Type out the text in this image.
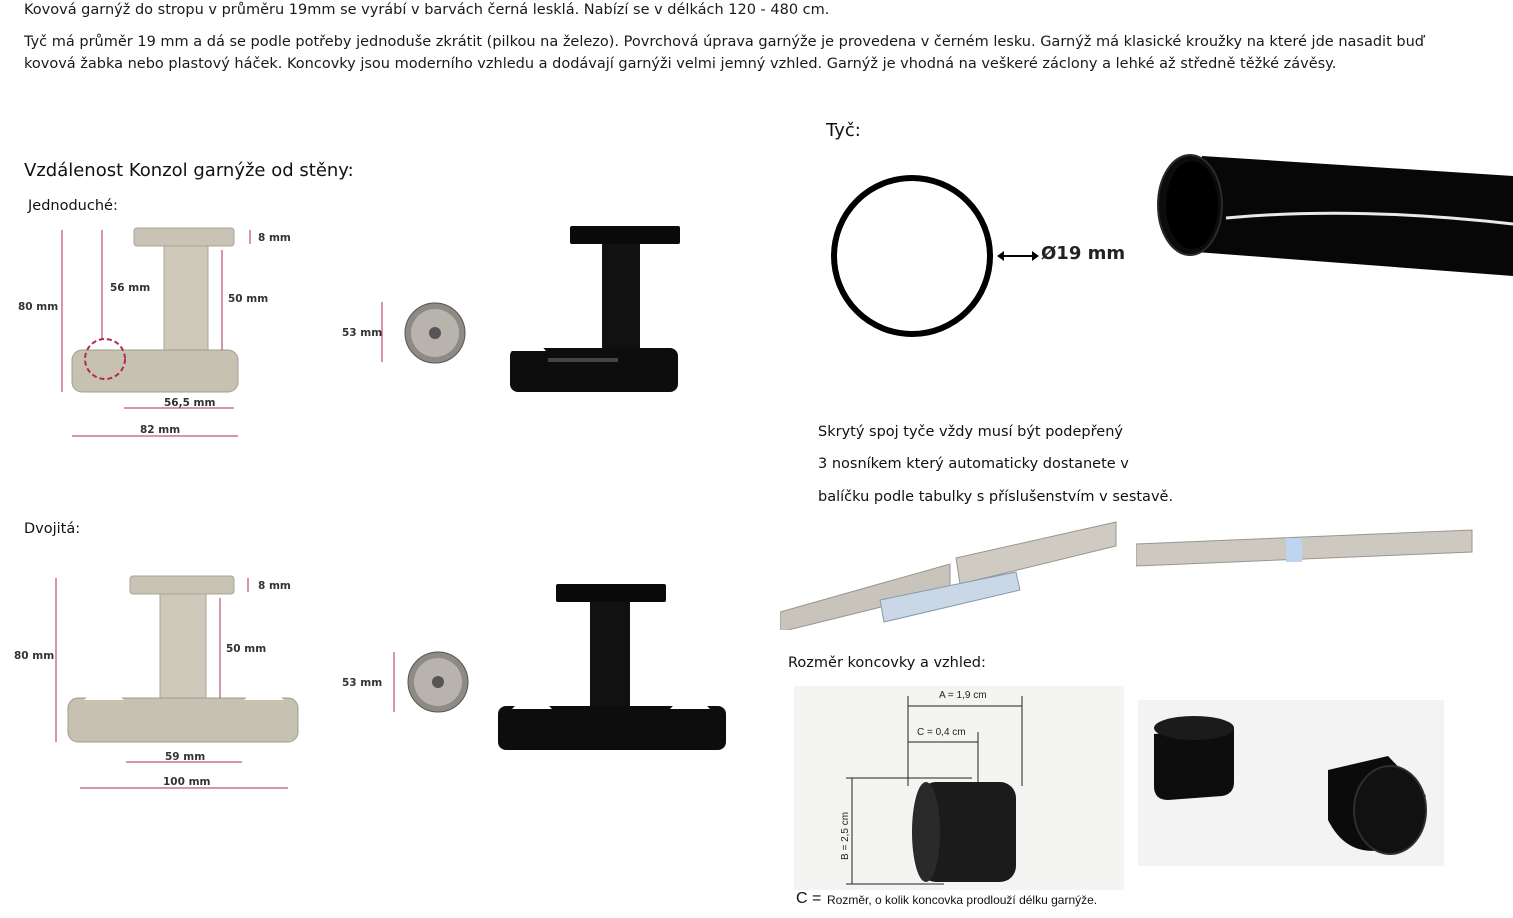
Kovová garnýž do stropu v průměru 19mm se vyrábí v barvách černá lesklá. Nabízí se v délkách 120 - 480 cm.
Tyč má průměr 19 mm a dá se podle potřeby jednoduše zkrátit (pilkou na železo). Povrchová úprava garnýže je provedena v černém lesku. Garnýž má klasické kroužky na které jde nasadit buď kovová žabka nebo plastový háček. Koncovky jsou moderního vzhledu a dodávají garnýži velmi jemný vzhled. Garnýž je vhodná na veškeré záclony a lehké až středně těžké závěsy.
Vzdálenost Konzol garnýže od stěny:
Jednoduché:
Dvojitá:
80 mm
56 mm
50 mm
8 mm
56,5 mm
82 mm
53 mm
80 mm
50 mm
8 mm
59 mm
100 mm
53 mm
Tyč:
Ø19 mm
Skrytý spoj tyče vždy musí být podepřený
3 nosníkem který automaticky dostanete v
balíčku podle tabulky s příslušenstvím v sestavě.
Rozměr koncovky a vzhled:
A = 1,9 cm
C = 0,4 cm
B = 2,5 cm
C = Rozměr, o kolik koncovka prodlouží délku garnýže.
